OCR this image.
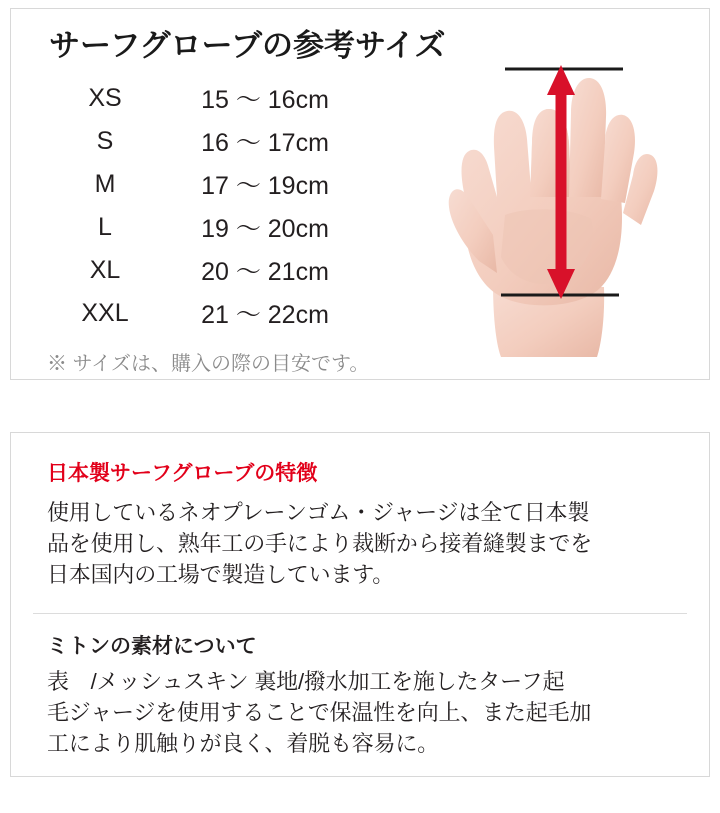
サーフグローブの参考サイズ
XS	15 〜 16cm
S	16 〜 17cm
M	17 〜 19cm
L	19 〜 20cm
XL	20 〜 21cm
XXL	21 〜 22cm

※ サイズは、購入の際の目安です。

日本製サーフグローブの特徴
使用しているネオプレーンゴム・ジャージは全て日本製
品を使用し、熟年工の手により裁断から接着縫製までを
日本国内の工場で製造しています。
ミトンの素材について
表　/メッシュスキン 裏地/撥水加工を施したターフ起
毛ジャージを使用することで保温性を向上、また起毛加
工により肌触りが良く、着脱も容易に。
